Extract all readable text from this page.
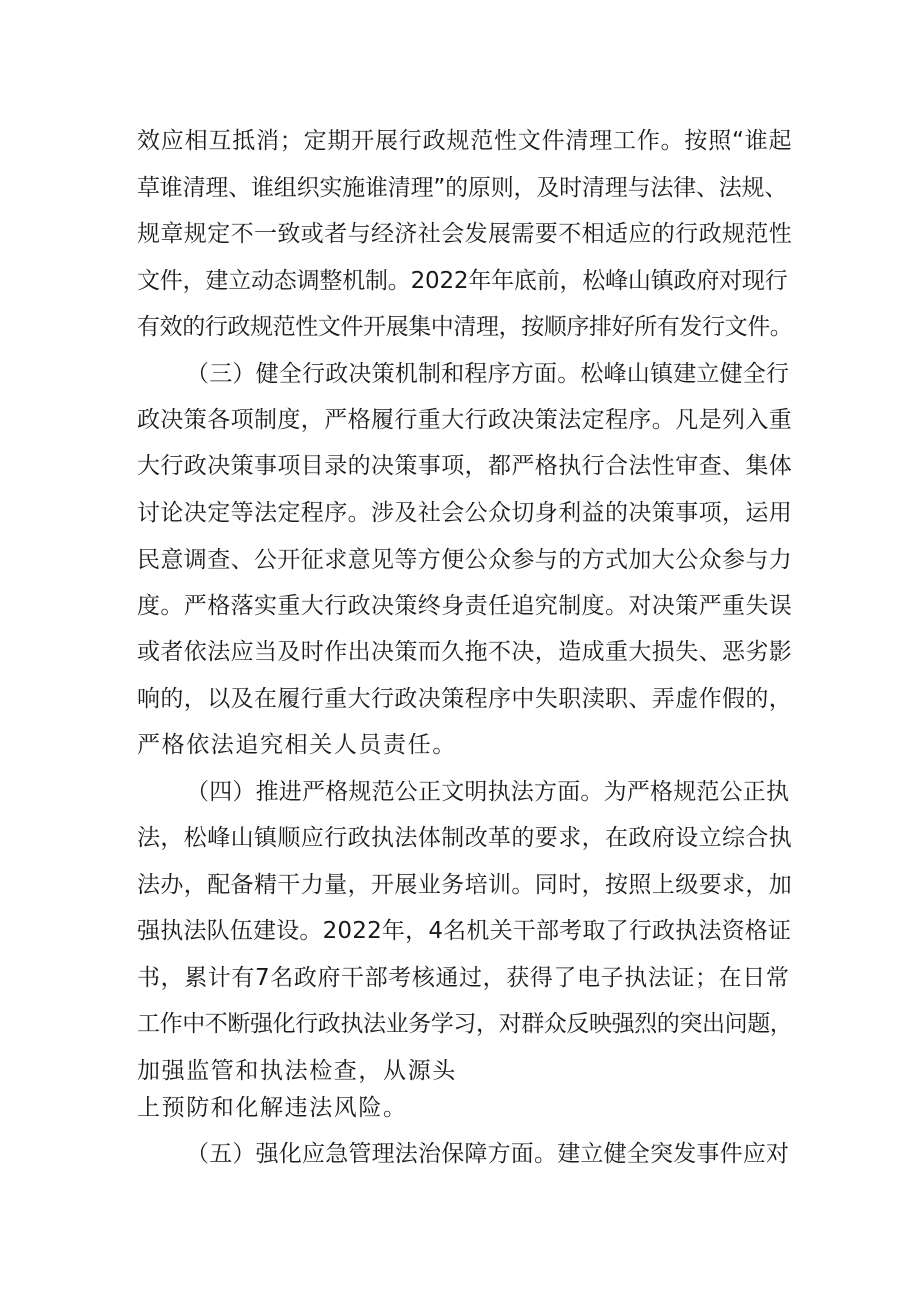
效应相互抵消；定期开展行政规范性文件清理工作。按照“谁起
草谁清理、谁组织实施谁清理”的原则，及时清理与法律、法规、
规章规定不一致或者与经济社会发展需要不相适应的行政规范性
文件，建立动态调整机制。2022年年底前，松峰山镇政府对现行
有效的行政规范性文件开展集中清理，按顺序排好所有发行文件。
（三）健全行政决策机制和程序方面。松峰山镇建立健全行
政决策各项制度，严格履行重大行政决策法定程序。凡是列入重
大行政决策事项目录的决策事项，都严格执行合法性审查、集体
讨论决定等法定程序。涉及社会公众切身利益的决策事项，运用
民意调查、公开征求意见等方便公众参与的方式加大公众参与力
度。严格落实重大行政决策终身责任追究制度。对决策严重失误
或者依法应当及时作出决策而久拖不决，造成重大损失、恶劣影
响的，以及在履行重大行政决策程序中失职渎职、弄虚作假的，
严格依法追究相关人员责任。
（四）推进严格规范公正文明执法方面。为严格规范公正执
法，松峰山镇顺应行政执法体制改革的要求，在政府设立综合执
法办，配备精干力量，开展业务培训。同时，按照上级要求，加
强执法队伍建设。2022年，4名机关干部考取了行政执法资格证
书，累计有7名政府干部考核通过，获得了电子执法证；在日常
工作中不断强化行政执法业务学习，对群众反映强烈的突出问题，
加强监管和执法检查，从源头
上预防和化解违法风险。
（五）强化应急管理法治保障方面。建立健全突发事件应对
